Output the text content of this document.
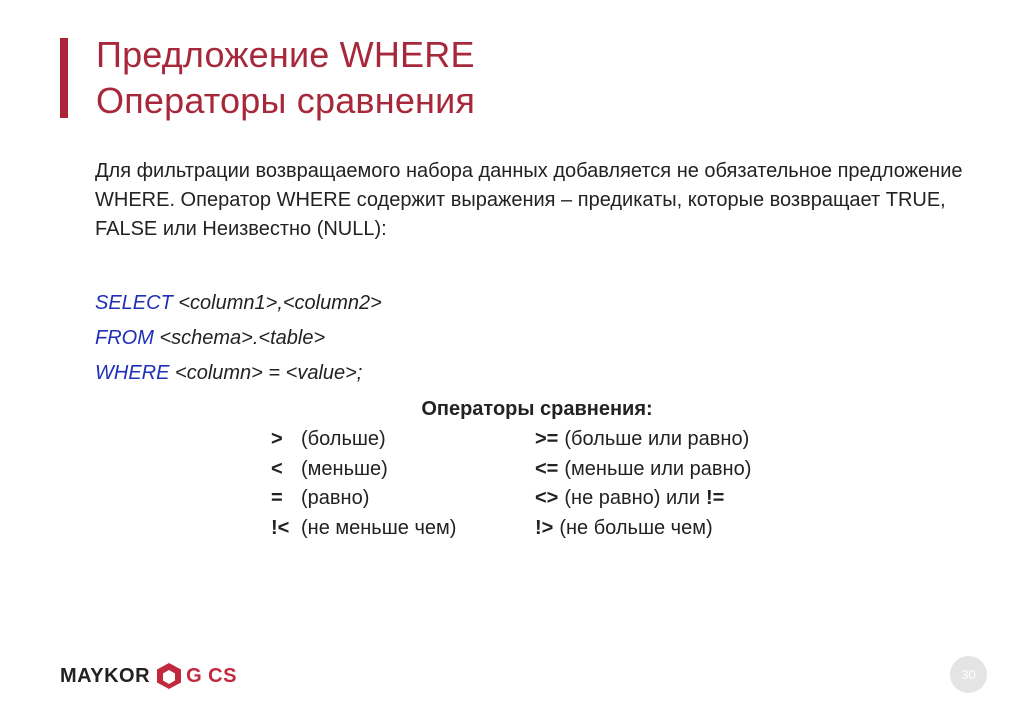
Предложение WHERE
Операторы сравнения
Для фильтрации возвращаемого набора данных добавляется не обязательное предложение WHERE. Оператор WHERE содержит выражения – предикаты, которые возвращает TRUE, FALSE или Неизвестно (NULL):
SELECT <column1>,<column2>
FROM <schema>.<table>
WHERE <column> = <value>;
Операторы сравнения:
> (больше)
< (меньше)
= (равно)
!< (не меньше чем)
>= (больше или равно)
<= (меньше или равно)
<> (не равно) или !=
!> (не больше чем)
MAYKOR G CS	30
